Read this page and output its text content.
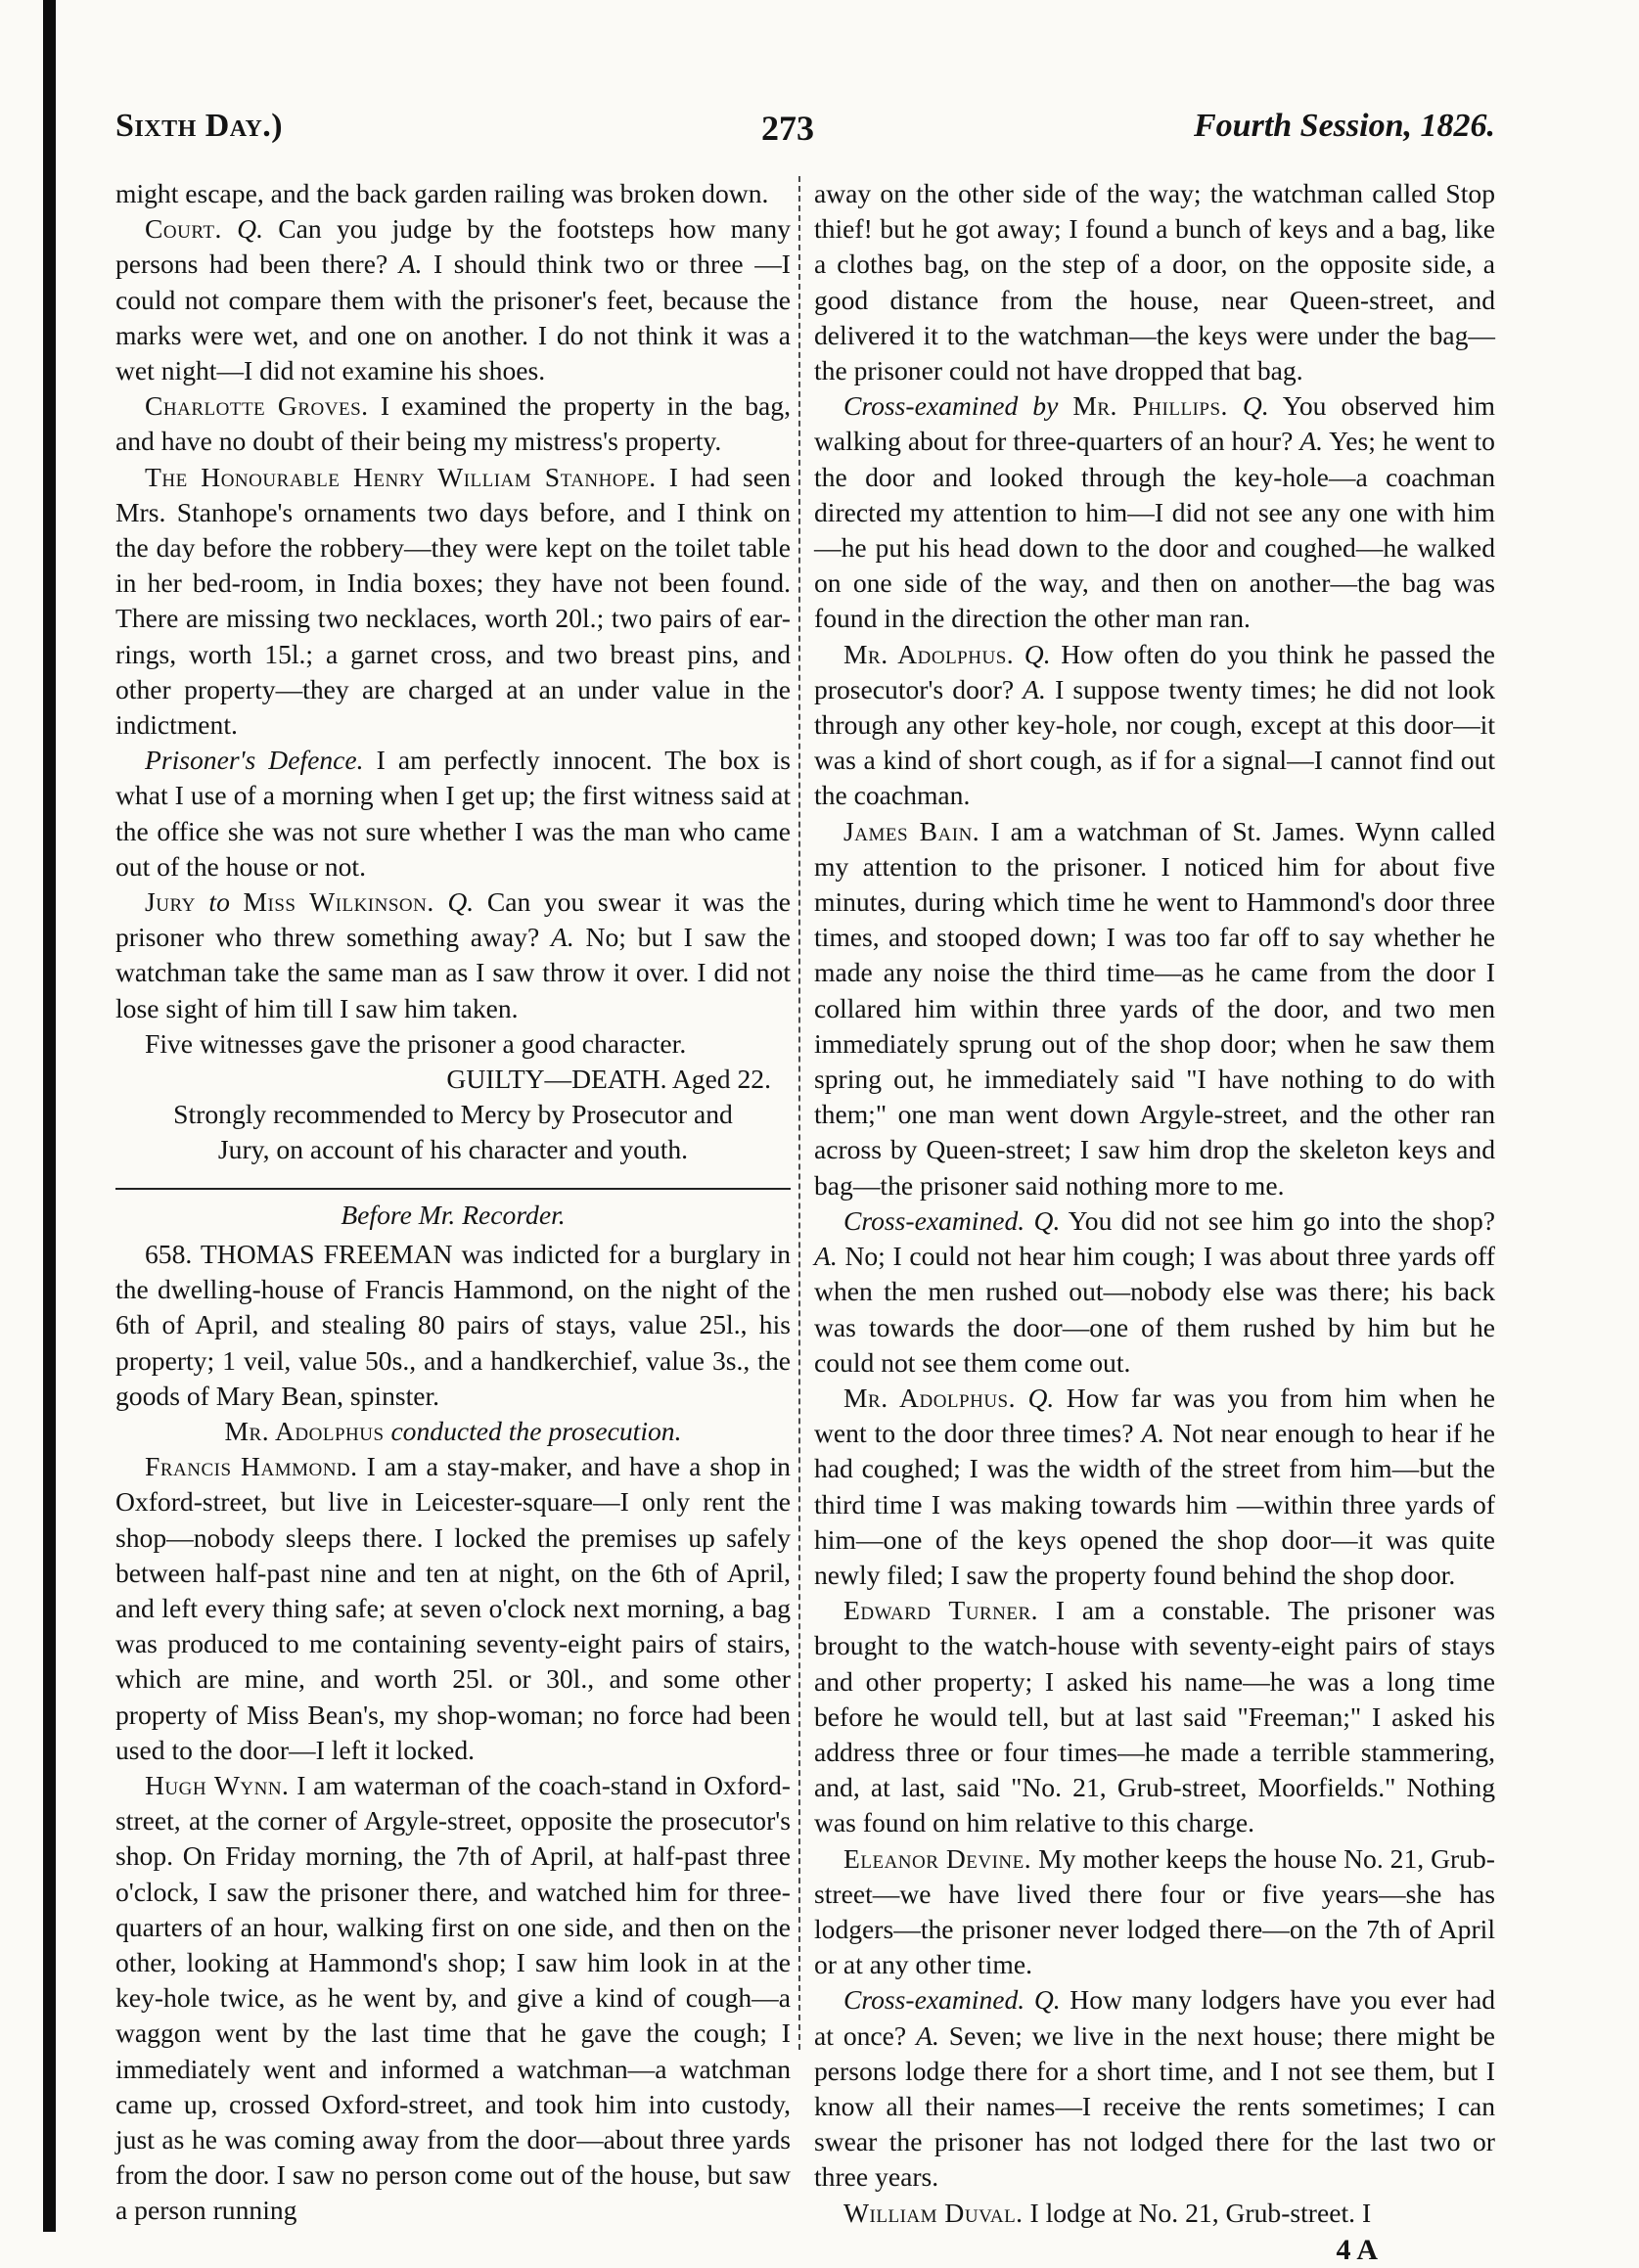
Sixth Day.)	273	Fourth Session, 1826.

might escape, and the back garden railing was broken down.

Court. Q. Can you judge by the footsteps how many persons had been there? A. I should think two or three —I could not compare them with the prisoner's feet, because the marks were wet, and one on another. I do not think it was a wet night—I did not examine his shoes.

Charlotte Groves. I examined the property in the bag, and have no doubt of their being my mistress's property.

The Honourable Henry William Stanhope. I had seen Mrs. Stanhope's ornaments two days before, and I think on the day before the robbery—they were kept on the toilet table in her bed-room, in India boxes; they have not been found. There are missing two necklaces, worth 20l.; two pairs of ear-rings, worth 15l.; a garnet cross, and two breast pins, and other property—they are charged at an under value in the indictment.

Prisoner's Defence. I am perfectly innocent. The box is what I use of a morning when I get up; the first witness said at the office she was not sure whether I was the man who came out of the house or not.

Jury to Miss Wilkinson. Q. Can you swear it was the prisoner who threw something away? A. No; but I saw the watchman take the same man as I saw throw it over. I did not lose sight of him till I saw him taken.

Five witnesses gave the prisoner a good character.

GUILTY—DEATH. Aged 22.

Strongly recommended to Mercy by Prosecutor and

Jury, on account of his character and youth.

Before Mr. Recorder.

658. THOMAS FREEMAN was indicted for a burglary in the dwelling-house of Francis Hammond, on the night of the 6th of April, and stealing 80 pairs of stays, value 25l., his property; 1 veil, value 50s., and a handkerchief, value 3s., the goods of Mary Bean, spinster.

Mr. Adolphus conducted the prosecution.

Francis Hammond. I am a stay-maker, and have a shop in Oxford-street, but live in Leicester-square—I only rent the shop—nobody sleeps there. I locked the premises up safely between half-past nine and ten at night, on the 6th of April, and left every thing safe; at seven o'clock next morning, a bag was produced to me containing seventy-eight pairs of stairs, which are mine, and worth 25l. or 30l., and some other property of Miss Bean's, my shop-woman; no force had been used to the door—I left it locked.

Hugh Wynn. I am waterman of the coach-stand in Oxford-street, at the corner of Argyle-street, opposite the prosecutor's shop. On Friday morning, the 7th of April, at half-past three o'clock, I saw the prisoner there, and watched him for three-quarters of an hour, walking first on one side, and then on the other, looking at Hammond's shop; I saw him look in at the key-hole twice, as he went by, and give a kind of cough—a waggon went by the last time that he gave the cough; I immediately went and informed a watchman—a watchman came up, crossed Oxford-street, and took him into custody, just as he was coming away from the door—about three yards from the door. I saw no person come out of the house, but saw a person running

away on the other side of the way; the watchman called Stop thief! but he got away; I found a bunch of keys and a bag, like a clothes bag, on the step of a door, on the opposite side, a good distance from the house, near Queen-street, and delivered it to the watchman—the keys were under the bag—the prisoner could not have dropped that bag.

Cross-examined by Mr. Phillips. Q. You observed him walking about for three-quarters of an hour? A. Yes; he went to the door and looked through the key-hole—a coachman directed my attention to him—I did not see any one with him—he put his head down to the door and coughed—he walked on one side of the way, and then on another—the bag was found in the direction the other man ran.

Mr. Adolphus. Q. How often do you think he passed the prosecutor's door? A. I suppose twenty times; he did not look through any other key-hole, nor cough, except at this door—it was a kind of short cough, as if for a signal—I cannot find out the coachman.

James Bain. I am a watchman of St. James. Wynn called my attention to the prisoner. I noticed him for about five minutes, during which time he went to Hammond's door three times, and stooped down; I was too far off to say whether he made any noise the third time—as he came from the door I collared him within three yards of the door, and two men immediately sprung out of the shop door; when he saw them spring out, he immediately said "I have nothing to do with them;" one man went down Argyle-street, and the other ran across by Queen-street; I saw him drop the skeleton keys and bag—the prisoner said nothing more to me.

Cross-examined. Q. You did not see him go into the shop? A. No; I could not hear him cough; I was about three yards off when the men rushed out—nobody else was there; his back was towards the door—one of them rushed by him but he could not see them come out.

Mr. Adolphus. Q. How far was you from him when he went to the door three times? A. Not near enough to hear if he had coughed; I was the width of the street from him—but the third time I was making towards him —within three yards of him—one of the keys opened the shop door—it was quite newly filed; I saw the property found behind the shop door.

Edward Turner. I am a constable. The prisoner was brought to the watch-house with seventy-eight pairs of stays and other property; I asked his name—he was a long time before he would tell, but at last said "Freeman;" I asked his address three or four times—he made a terrible stammering, and, at last, said "No. 21, Grub-street, Moorfields." Nothing was found on him relative to this charge.

Eleanor Devine. My mother keeps the house No. 21, Grub-street—we have lived there four or five years—she has lodgers—the prisoner never lodged there—on the 7th of April or at any other time.

Cross-examined. Q. How many lodgers have you ever had at once? A. Seven; we live in the next house; there might be persons lodge there for a short time, and I not see them, but I know all their names—I receive the rents sometimes; I can swear the prisoner has not lodged there for the last two or three years.

William Duval. I lodge at No. 21, Grub-street. I

4 A
